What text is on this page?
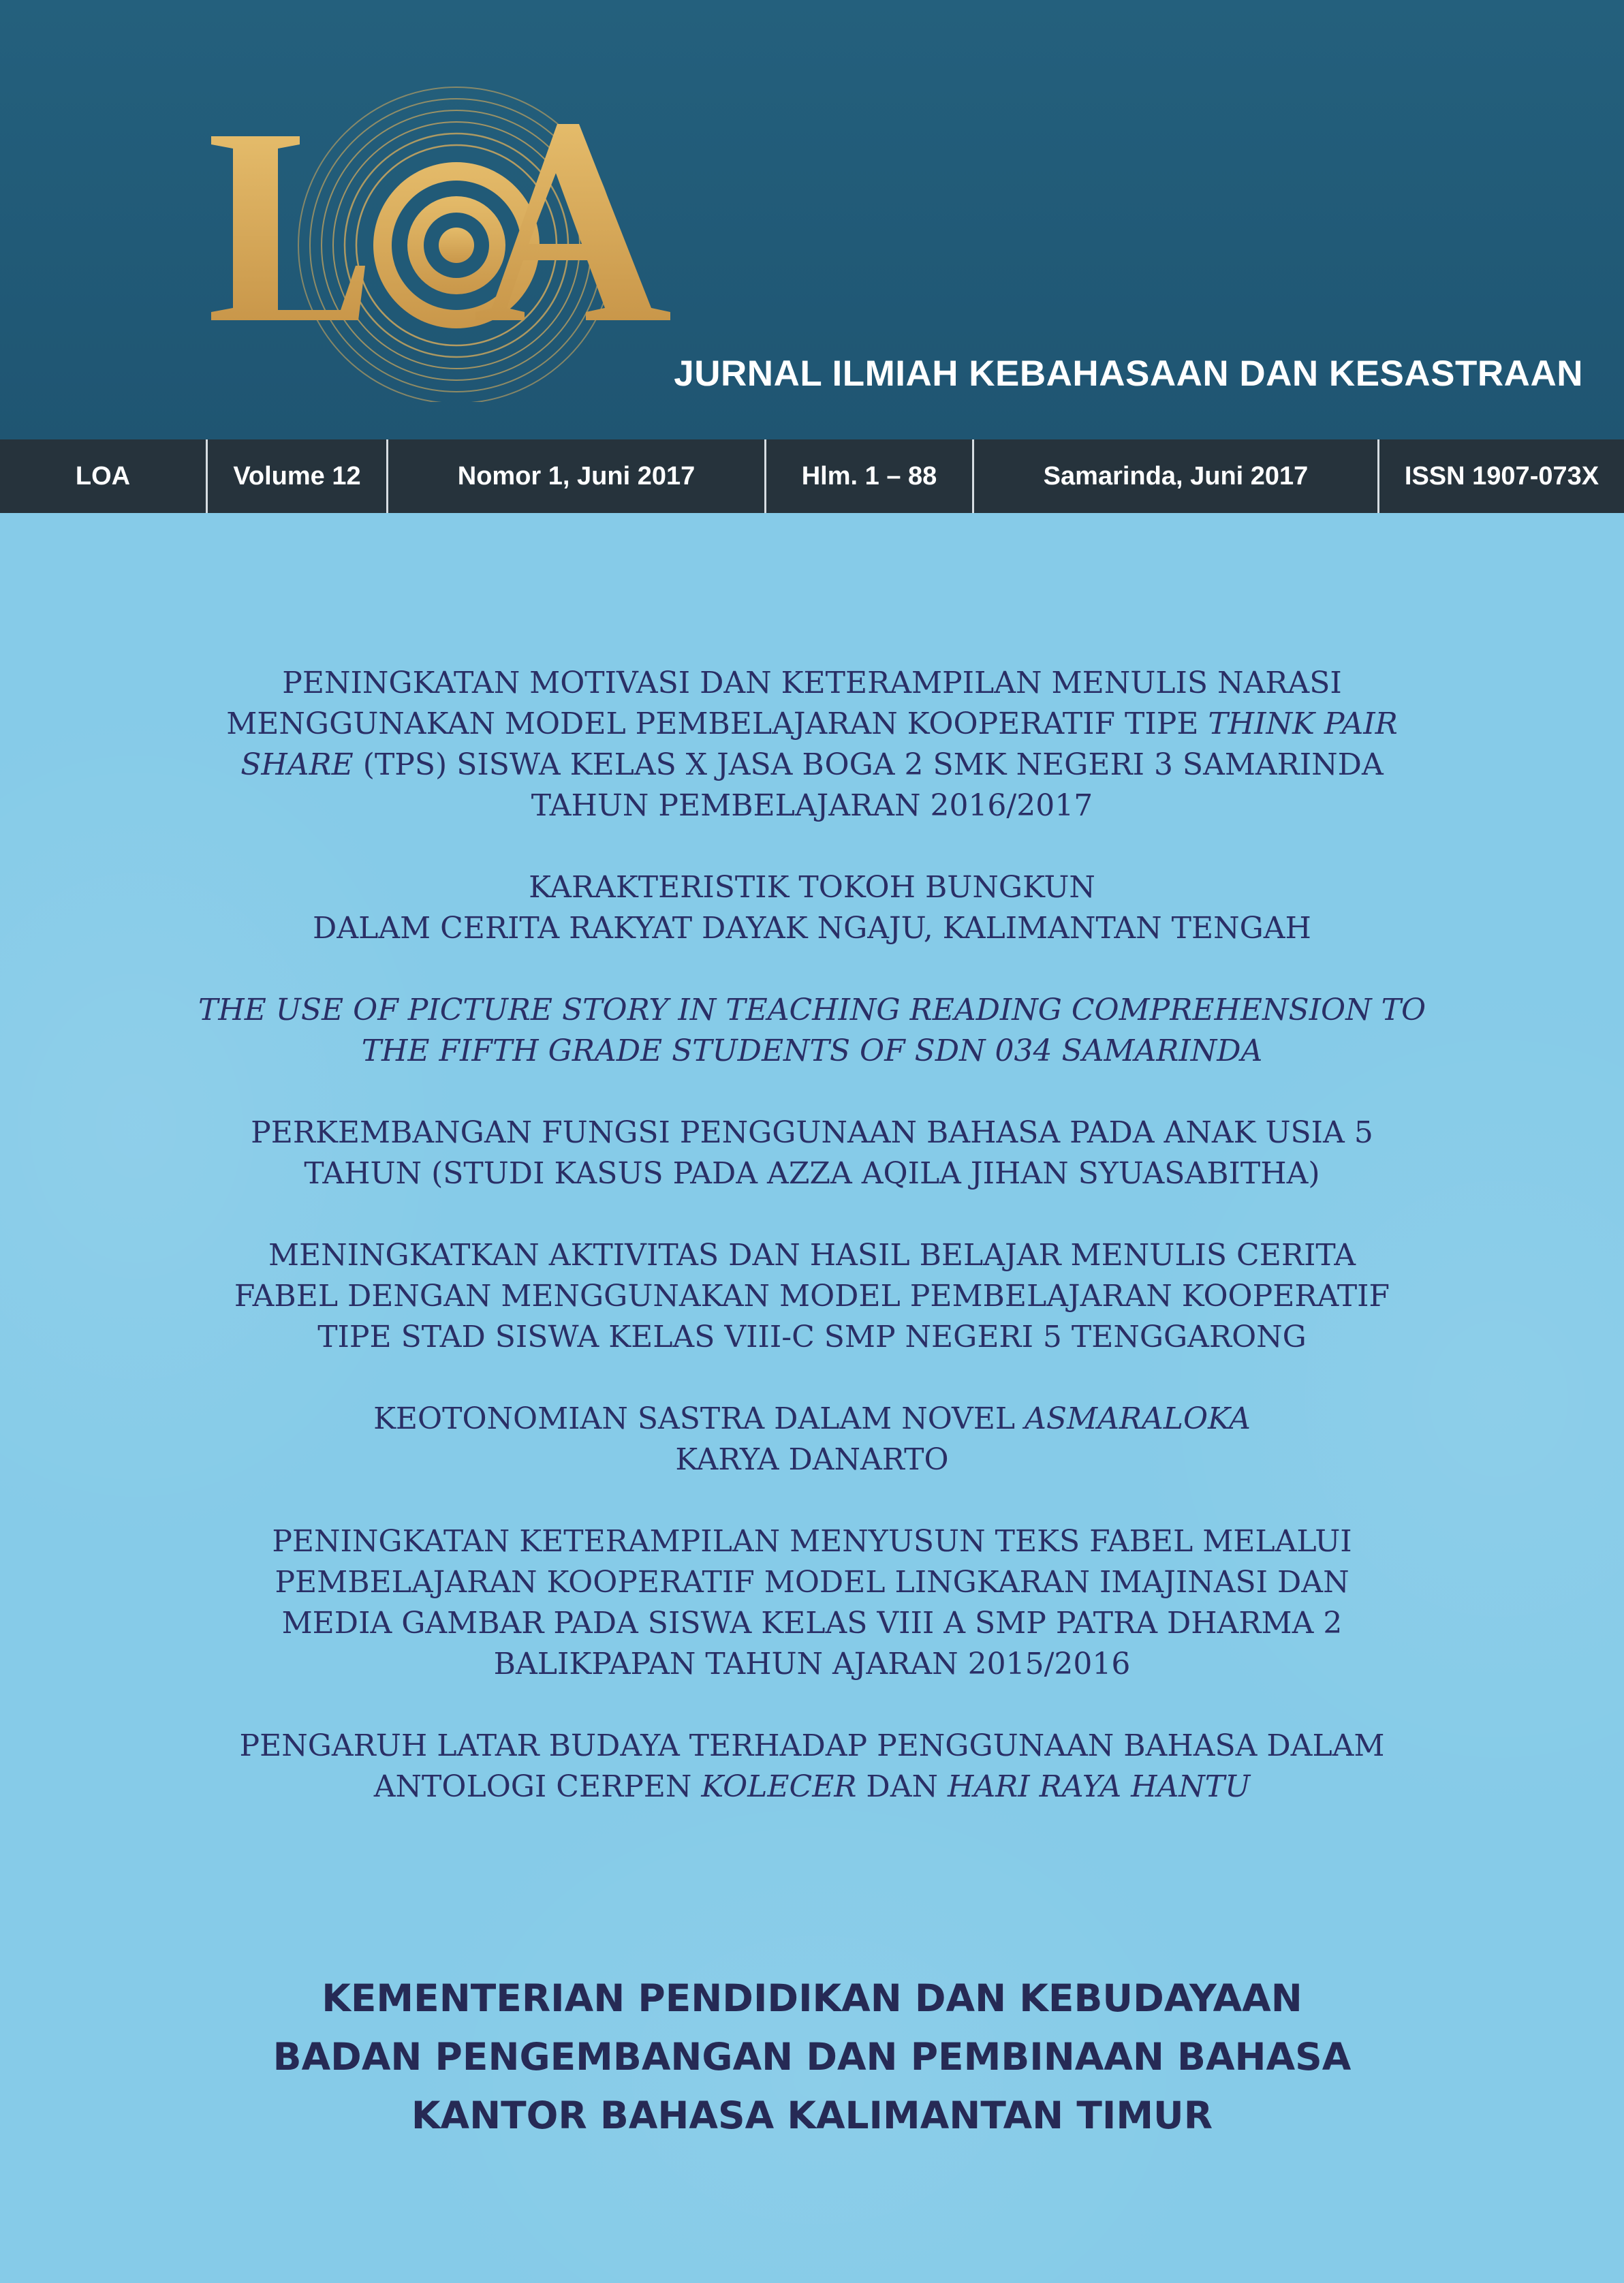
JURNAL ILMIAH KEBAHASAAN DAN KESASTRAAN
LOA	Volume 12	Nomor 1, Juni 2017	Hlm. 1 – 88	Samarinda, Juni 2017	ISSN 1907-073X
PENINGKATAN MOTIVASI DAN KETERAMPILAN MENULIS NARASI
MENGGUNAKAN MODEL PEMBELAJARAN KOOPERATIF TIPE THINK PAIR
SHARE (TPS) SISWA KELAS X JASA BOGA 2 SMK NEGERI 3 SAMARINDA
TAHUN PEMBELAJARAN 2016/2017
KARAKTERISTIK TOKOH BUNGKUN
DALAM CERITA RAKYAT DAYAK NGAJU, KALIMANTAN TENGAH
THE USE OF PICTURE STORY IN TEACHING READING COMPREHENSION TO
THE FIFTH GRADE STUDENTS OF SDN 034 SAMARINDA
PERKEMBANGAN FUNGSI PENGGUNAAN BAHASA PADA ANAK USIA 5
TAHUN (STUDI KASUS PADA AZZA AQILA JIHAN SYUASABITHA)
MENINGKATKAN AKTIVITAS DAN HASIL BELAJAR MENULIS CERITA
FABEL DENGAN MENGGUNAKAN MODEL PEMBELAJARAN KOOPERATIF
TIPE STAD SISWA KELAS VIII-C SMP NEGERI 5 TENGGARONG
KEOTONOMIAN SASTRA DALAM NOVEL ASMARALOKA
KARYA DANARTO
PENINGKATAN KETERAMPILAN MENYUSUN TEKS FABEL MELALUI
PEMBELAJARAN KOOPERATIF MODEL LINGKARAN IMAJINASI DAN
MEDIA GAMBAR PADA SISWA KELAS VIII A SMP PATRA DHARMA 2
BALIKPAPAN TAHUN AJARAN 2015/2016
PENGARUH LATAR BUDAYA TERHADAP PENGGUNAAN BAHASA DALAM
ANTOLOGI CERPEN KOLECER DAN HARI RAYA HANTU
KEMENTERIAN PENDIDIKAN DAN KEBUDAYAAN
BADAN PENGEMBANGAN DAN PEMBINAAN BAHASA
KANTOR BAHASA KALIMANTAN TIMUR
